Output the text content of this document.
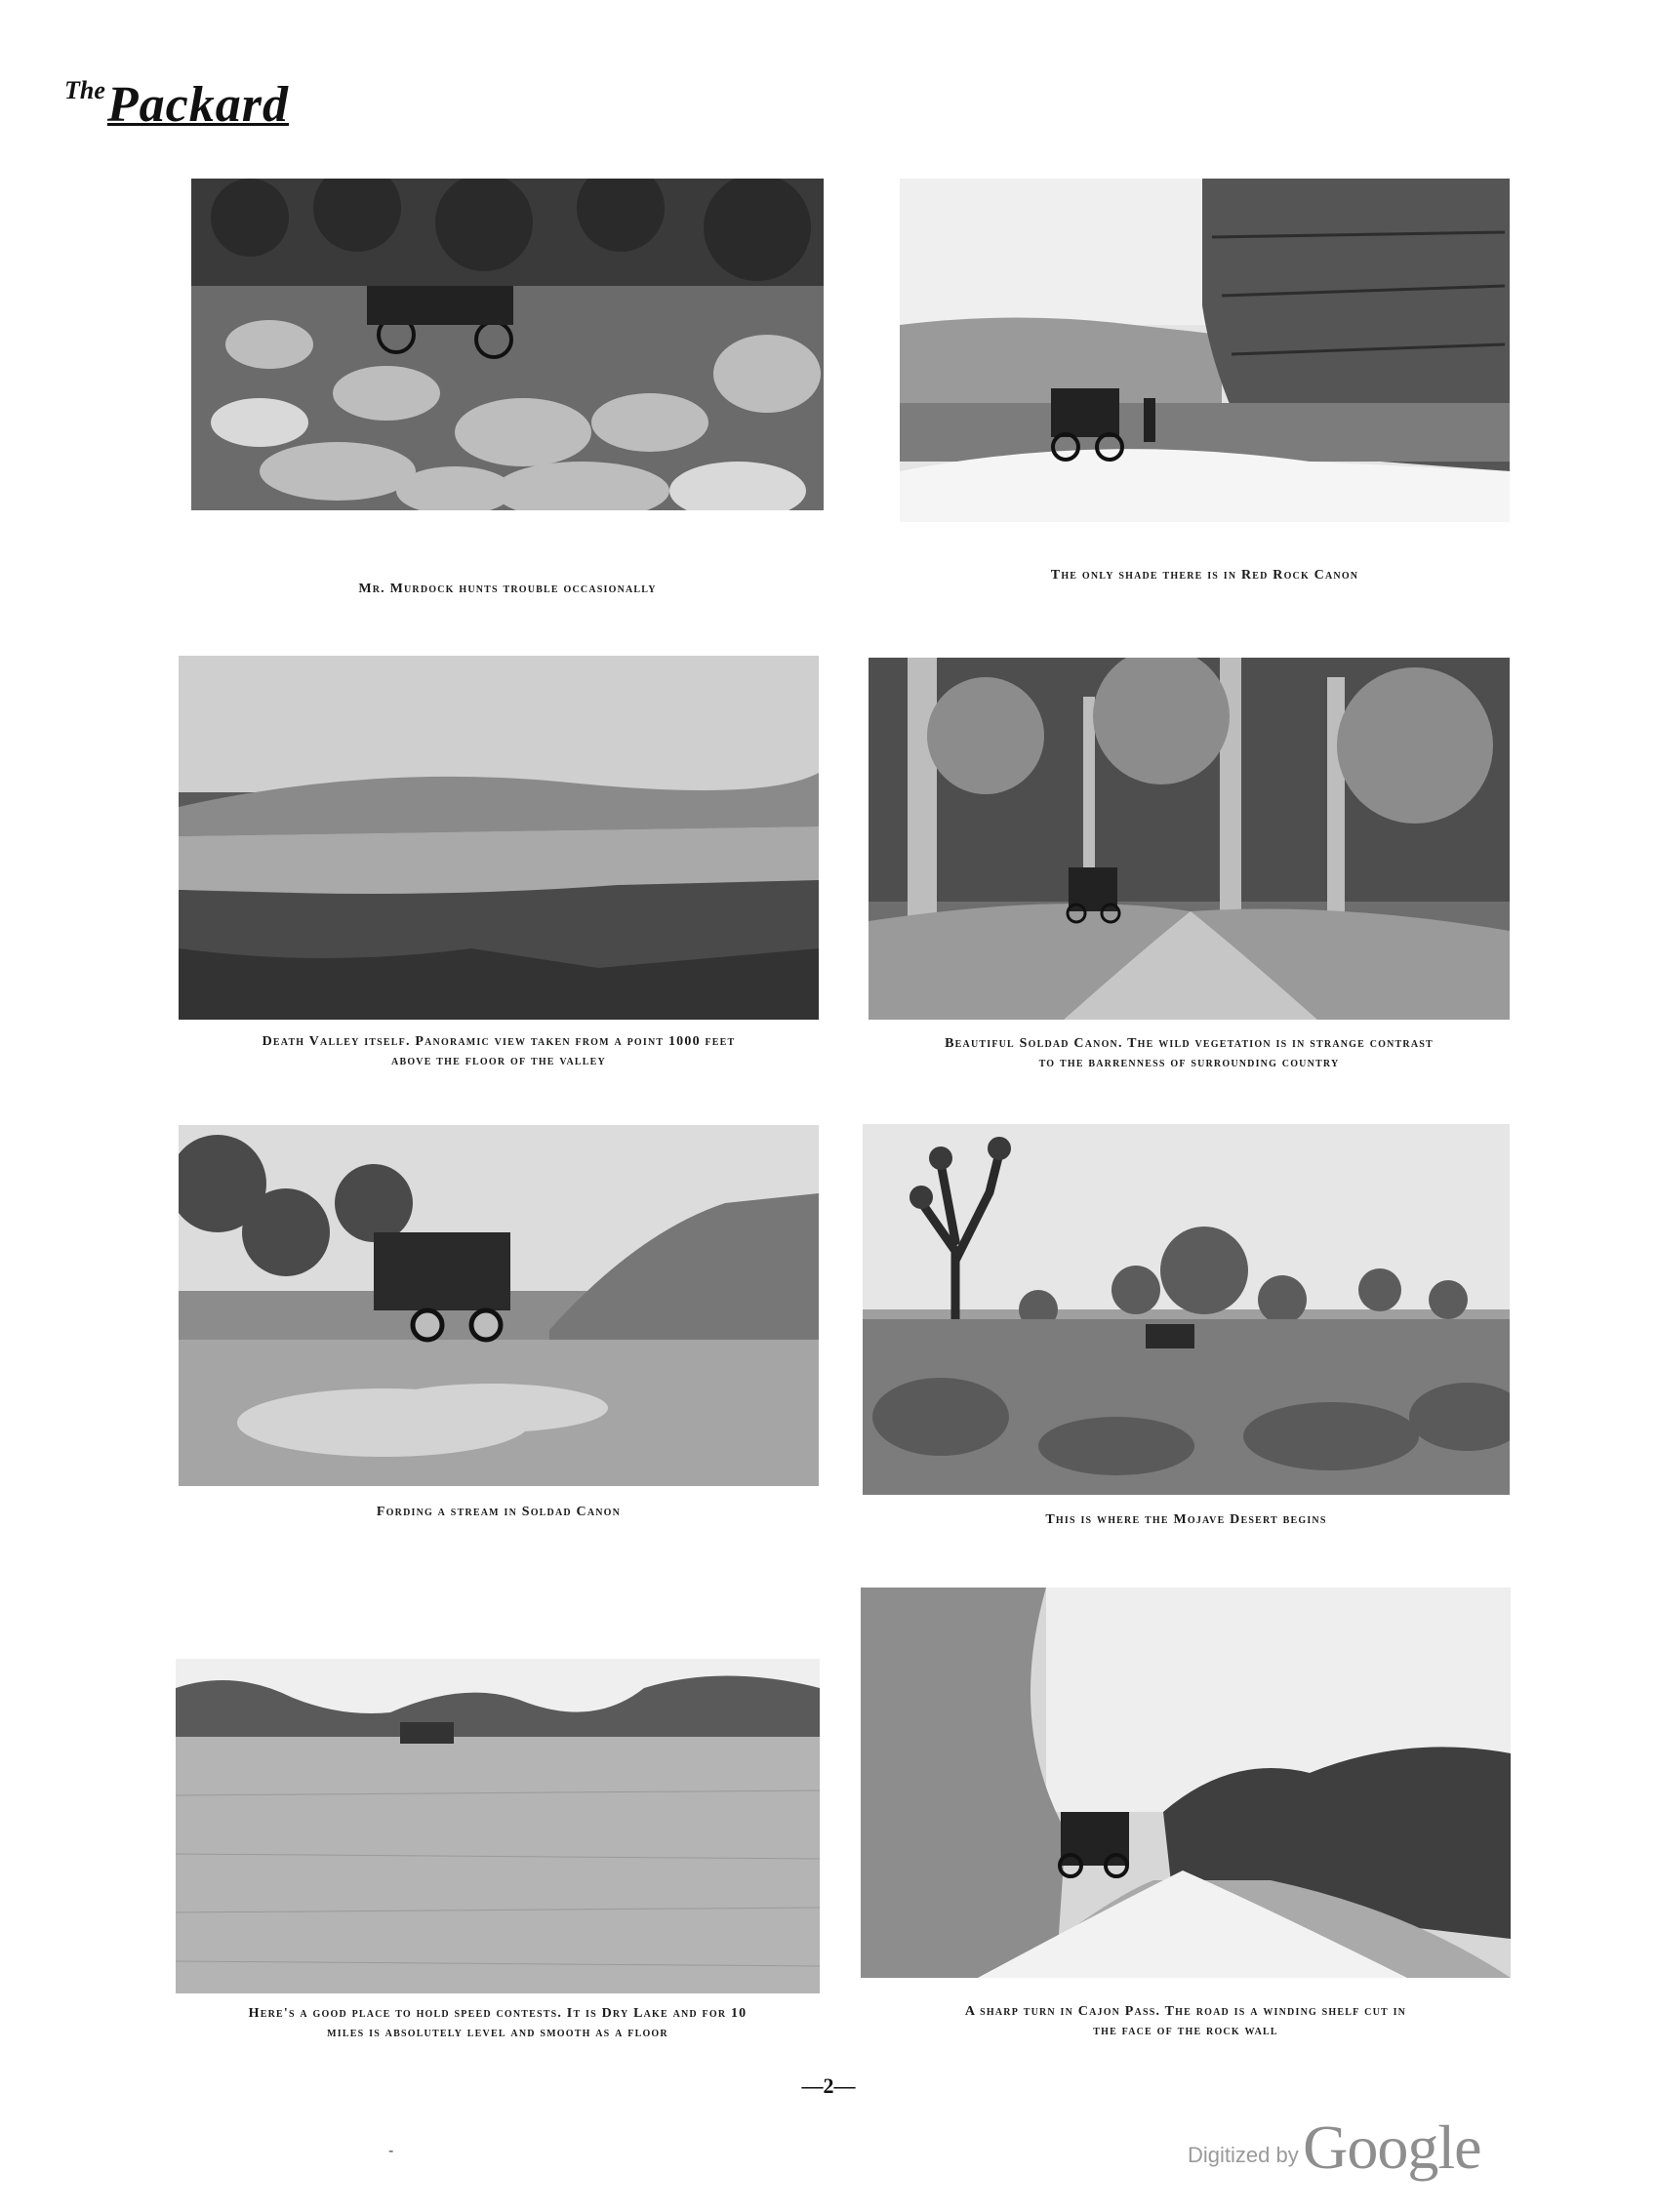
ThePackard
Mr. Murdock hunts trouble occasionally
The only shade there is in Red Rock Canon
Death Valley itself. Panoramic view taken from a point 1000 feet
above the floor of the valley
Beautiful Soldad Canon. The wild vegetation is in strange contrast
to the barrenness of surrounding country
Fording a stream in Soldad Canon
This is where the Mojave Desert begins
Here's a good place to hold speed contests. It is Dry Lake and for 10
miles is absolutely level and smooth as a floor
A sharp turn in Cajon Pass. The road is a winding shelf cut in
the face of the rock wall
—2—
-	Digitized by Google
